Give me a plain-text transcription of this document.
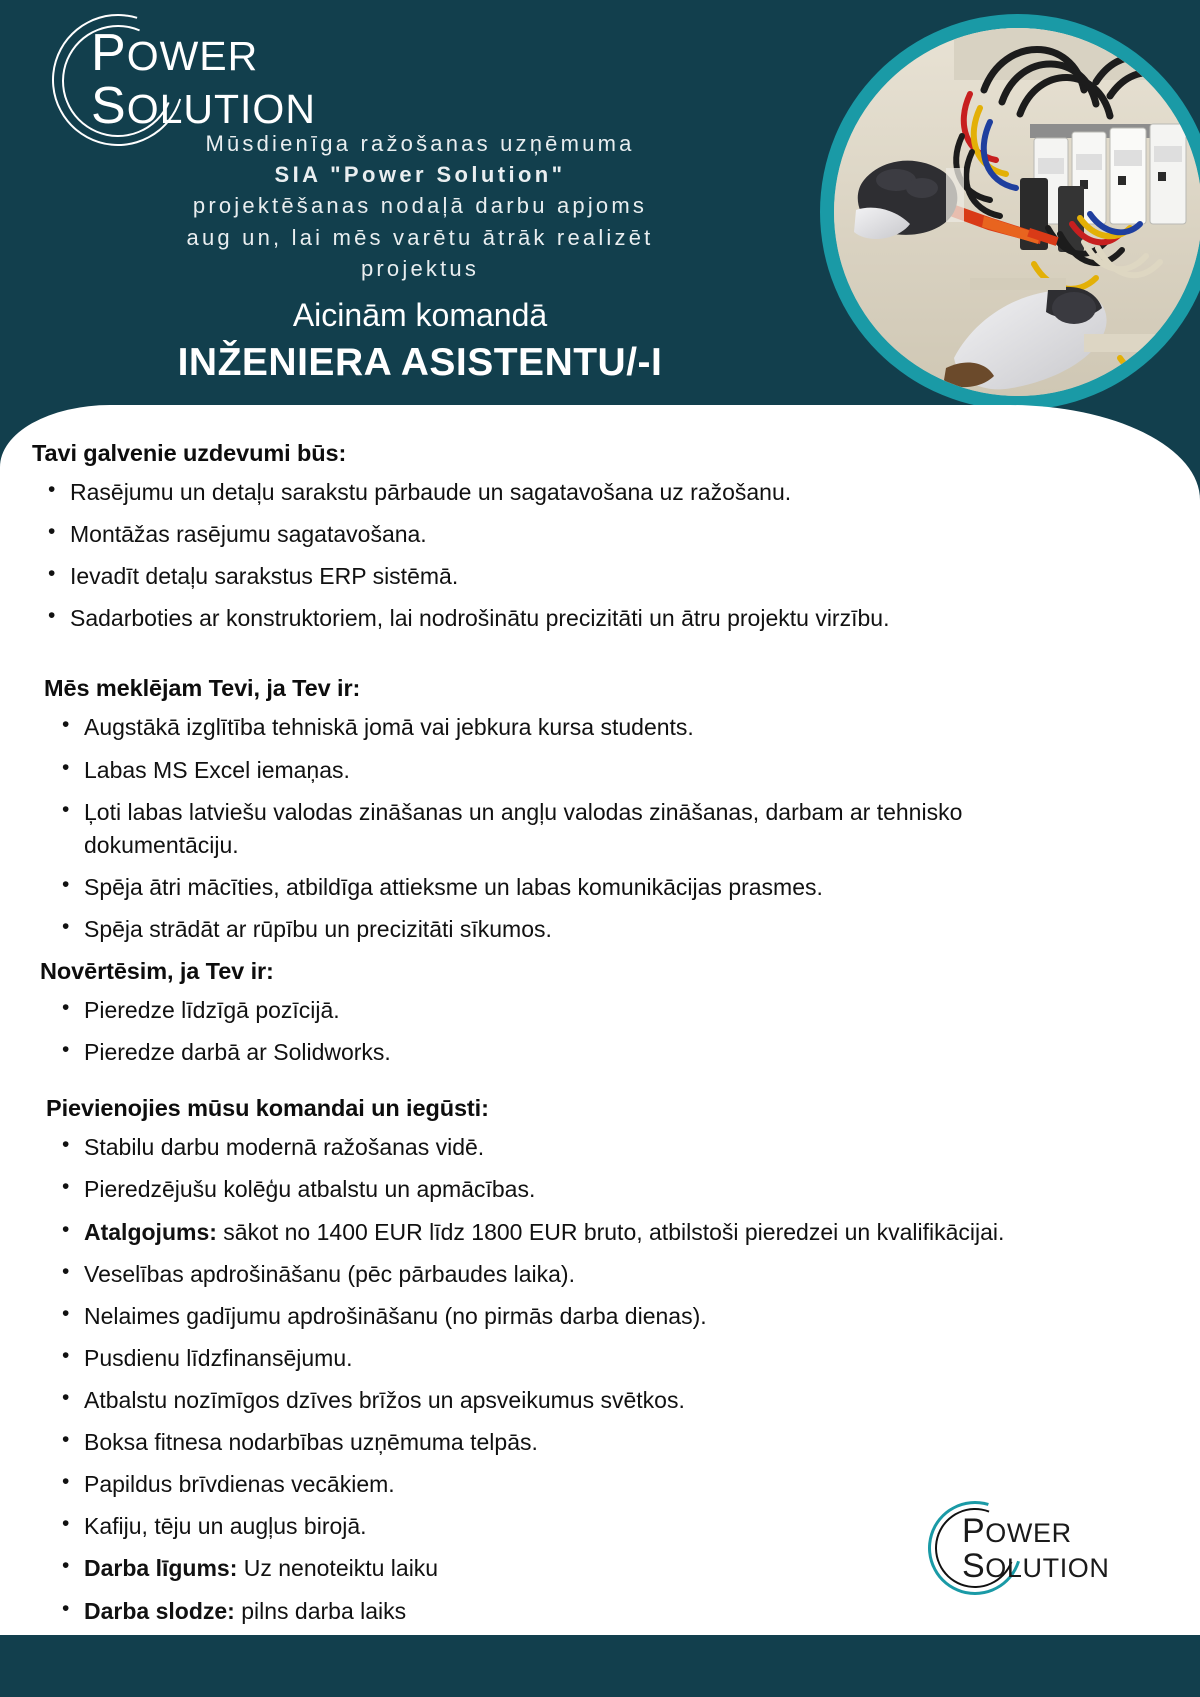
POWER
SOLUTION
Mūsdienīga ražošanas uzņēmuma
SIA "Power Solution"
projektēšanas nodaļā darbu apjoms
aug un, lai mēs varētu ātrāk realizēt
projektus
Aicinām komandā
INŽENIERA ASISTENTU/-I
Tavi galvenie uzdevumi būs:
• Rasējumu un detaļu sarakstu pārbaude un sagatavošana uz ražošanu.
• Montāžas rasējumu sagatavošana.
• Ievadīt detaļu sarakstus ERP sistēmā.
• Sadarboties ar konstruktoriem, lai nodrošinātu precizitāti un ātru projektu virzību.
Mēs meklējam Tevi, ja Tev ir:
• Augstākā izglītība tehniskā jomā vai jebkura kursa students.
• Labas MS Excel iemaņas.
• Ļoti labas latviešu valodas zināšanas un angļu valodas zināšanas, darbam ar tehnisko dokumentāciju.
• Spēja ātri mācīties, atbildīga attieksme un labas komunikācijas prasmes.
• Spēja strādāt ar rūpību un precizitāti sīkumos.
Novērtēsim, ja Tev ir:
• Pieredze līdzīgā pozīcijā.
• Pieredze darbā ar Solidworks.
Pievienojies mūsu komandai un iegūsti:
• Stabilu darbu modernā ražošanas vidē.
• Pieredzējušu kolēģu atbalstu un apmācības.
• Atalgojums: sākot no 1400 EUR līdz 1800 EUR bruto, atbilstoši pieredzei un kvalifikācijai.
• Veselības apdrošināšanu (pēc pārbaudes laika).
• Nelaimes gadījumu apdrošināšanu (no pirmās darba dienas).
• Pusdienu līdzfinansējumu.
• Atbalstu nozīmīgos dzīves brīžos un apsveikumus svētkos.
• Boksa fitnesa nodarbības uzņēmuma telpās.
• Papildus brīvdienas vecākiem.
• Kafiju, tēju un augļus birojā.
• Darba līgums: Uz nenoteiktu laiku
• Darba slodze: pilns darba laiks
•
POWER
SOLUTION
